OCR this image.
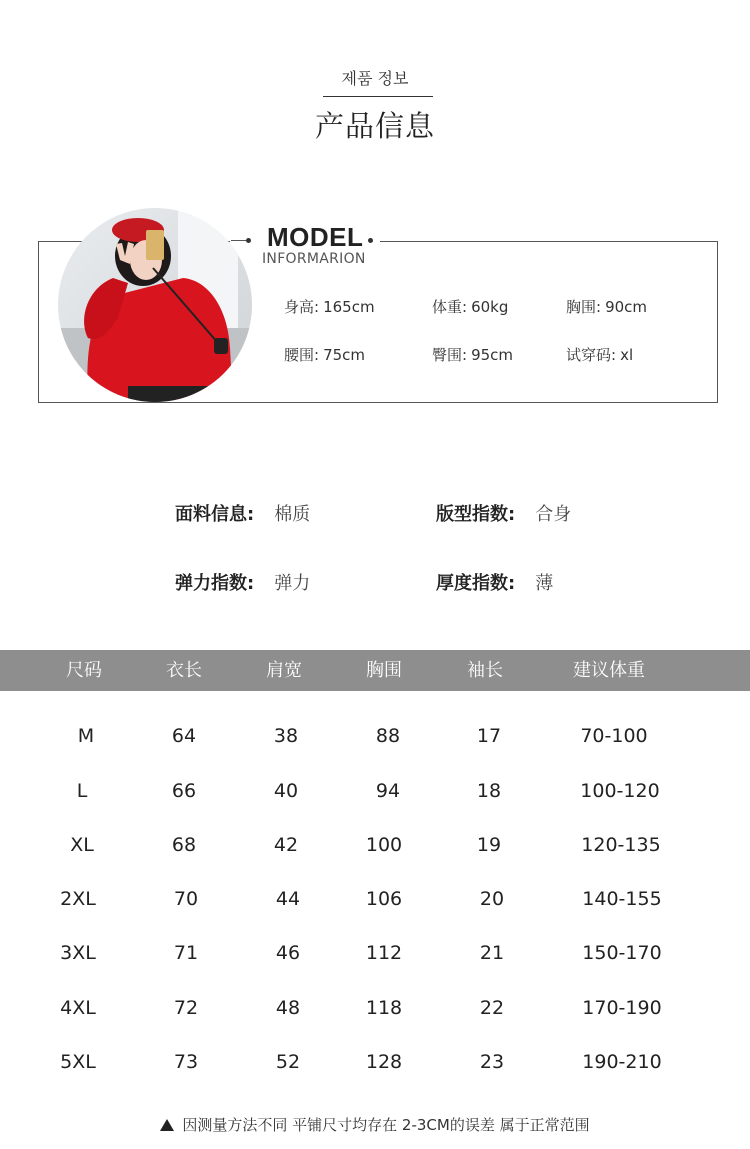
제품 정보
产品信息
MODEL
INFORMARION
身高: 165cm	体重: 60kg	胸围: 90cm
腰围: 75cm	臀围: 95cm	试穿码: xl
面料信息: 棉质	版型指数: 合身
弹力指数: 弹力	厚度指数: 薄
尺码	衣长	肩宽	胸围	袖长	建议体重
M	64	38	88	17	70-100
L	66	40	94	18	100-120
XL	68	42	100	19	120-135
2XL	70	44	106	20	140-155
3XL	71	46	112	21	150-170
4XL	72	48	118	22	170-190
5XL	73	52	128	23	190-210
因测量方法不同 平铺尺寸均存在 2-3CM的误差 属于正常范围
